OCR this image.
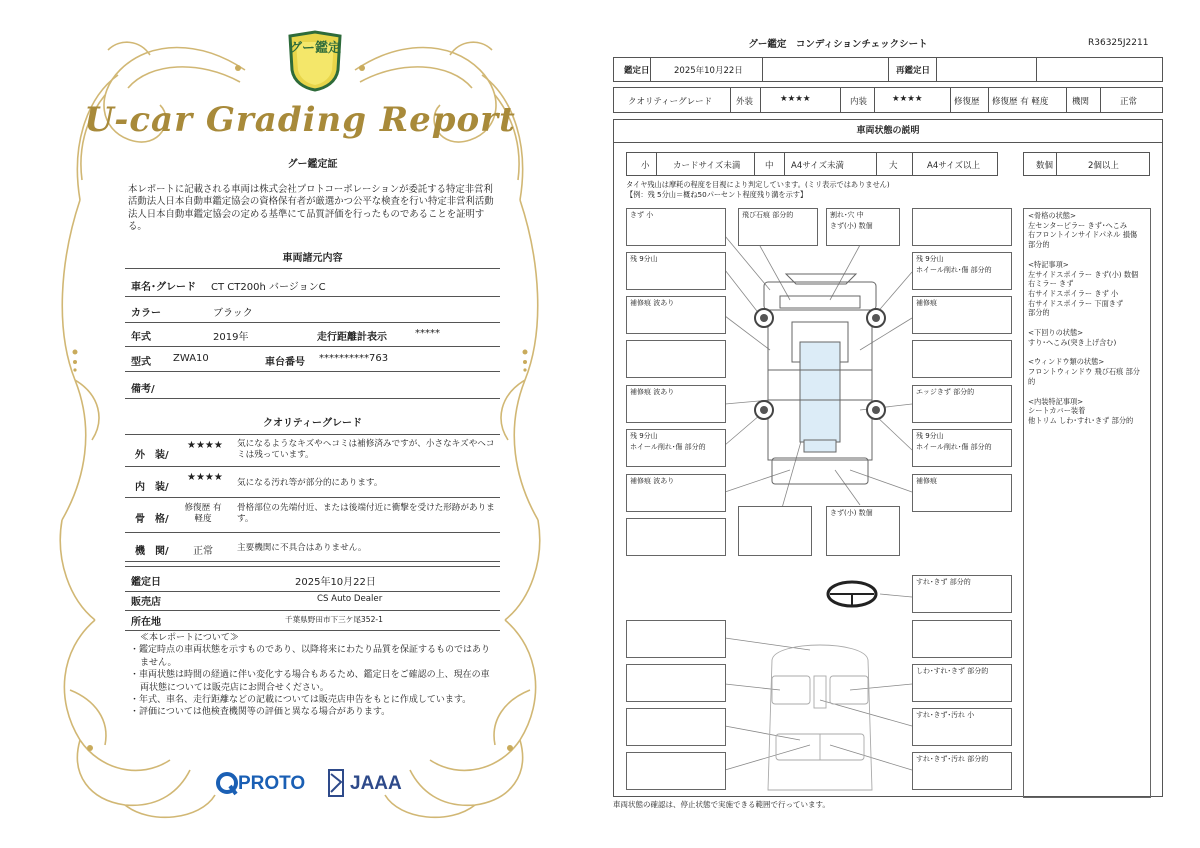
グー鑑定
U-car Grading Report
グー鑑定証
本レポートに記載される車両は株式会社プロトコーポレーションが委託する特定非営利活動法人日本自動車鑑定協会の資格保有者が厳選かつ公平な検査を行い特定非営利活動法人日本自動車鑑定協会の定める基準にて品質評価を行ったものであることを証明する。
車両諸元内容
車名･グレード CT CT200h バージョンC
カラー	ブラック
年式	2019年	走行距離計表示	*****
型式 ZWA10	車台番号 **********763
備考/
クオリティーグレード
外　装/
★★★★ 気になるようなキズやヘコミは補修済みですが、小さなキズやヘコミは残っています。
内　装/
★★★★ 気になる汚れ等が部分的にあります。
骨　格/
修復歴 有 軽度
骨格部位の先端付近、または後端付近に衝撃を受けた形跡があります。
機　関/ 正常	主要機関に不具合はありません。
鑑定日	2025年10月22日
販売店	CS Auto Dealer
所在地	千葉県野田市下三ケ尾352-1
≪本レポートについて≫
・鑑定時点の車両状態を示すものであり、以降将来にわたり品質を保証するものではありません。
・車両状態は時間の経過に伴い変化する場合もあるため、鑑定日をご確認の上、現在の車両状態については販売店にお問合せください。
・年式、車名、走行距離などの記載については販売店申告をもとに作成しています。
・評価については他検査機関等の評価と異なる場合があります。
PROTO JAAA
グー鑑定　コンディションチェックシート	R36325J2211
鑑定日	2025年10月22日	再鑑定日
クオリティーグレード	外装	★★★★	内装	★★★★	修復歴 修復歴 有 軽度	機関	正常
車両状態の説明
小	カードサイズ未満	中 A4サイズ未満	大	A4サイズ以上	数個	2個以上
タイヤ残山は摩耗の程度を目視により判定しています。(ミリ表示ではありません)
【例：残 5分山＝概ね50パーセント程度残り溝を示す】
きず 小	飛び石痕 部分的	割れ･穴 中
きず(小) 数個
残 9分山	残 9分山
ホイール削れ･傷 部分的
補修痕 波あり	補修痕
補修痕 波あり	エッジきず 部分的
残 9分山
ホイール削れ･傷 部分的
残 9分山
ホイール削れ･傷 部分的
補修痕 波あり	補修痕
きず(小) 数個
すれ･きず 部分的
しわ･すれ･きず 部分的
すれ･きず･汚れ 小
すれ･きず･汚れ 部分的
<骨格の状態>
左センターピラー きず･へこみ
右フロントインサイドパネル 損傷
部分的
<特記事項>
左サイドスポイラー きず(小) 数個
右ミラー きず
右サイドスポイラー きず 小
右サイドスポイラー 下面きず
部分的
<下回りの状態>
すり･へこみ(突き上げ含む)
<ウィンドウ類の状態>
フロントウィンドウ 飛び石痕 部分的
<内装特記事項>
シートカバー装着
他トリム しわ･すれ･きず 部分的
車両状態の確認は、停止状態で実施できる範囲で行っています。
